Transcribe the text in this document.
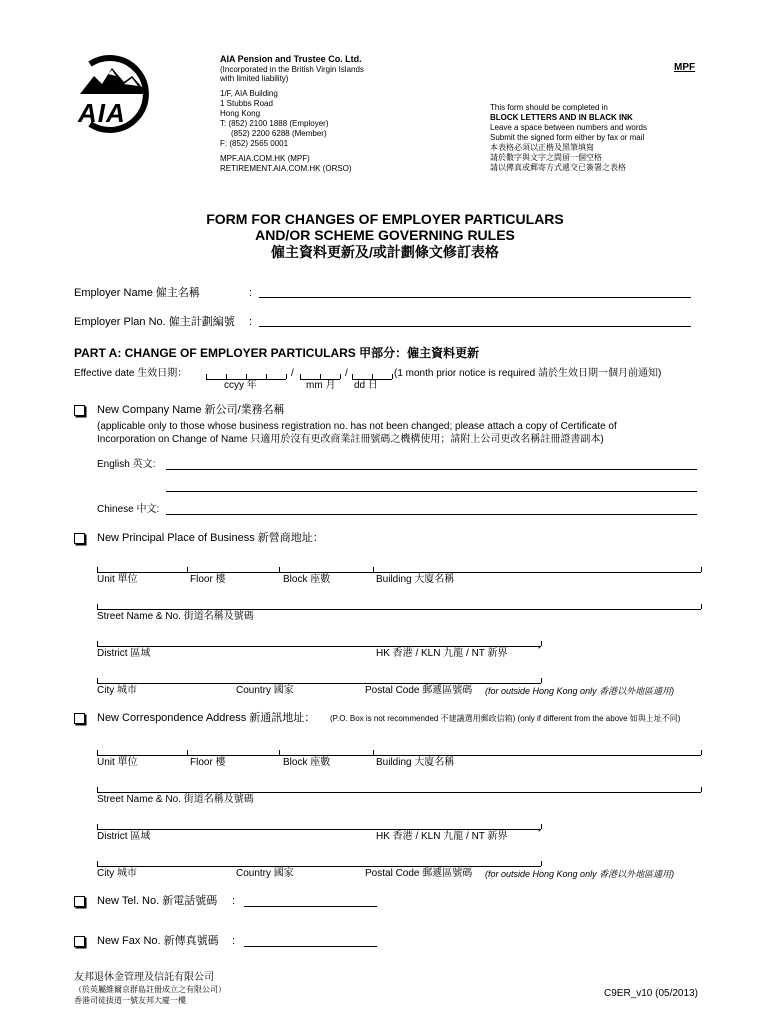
AIA
AIA Pension and Trustee Co. Ltd.
(Incorporated in the British Virgin Islands
with limited liability)
1/F, AIA Building
1 Stubbs Road
Hong Kong
T: (852) 2100 1888 (Employer)
(852) 2200 6288 (Member)
F: (852) 2565 0001
MPF.AIA.COM.HK (MPF)
RETIREMENT.AIA.COM.HK (ORSO)
MPF
This form should be completed in
BLOCK LETTERS AND IN BLACK INK
Leave a space between numbers and words
Submit the signed form either by fax or mail
本表格必須以正楷及黑筆填寫
請於數字與文字之間留一個空格
請以傳真或郵寄方式遞交已簽署之表格
FORM FOR CHANGES OF EMPLOYER PARTICULARS
AND/OR SCHEME GOVERNING RULES
僱主資料更新及/或計劃條文修訂表格
Employer Name 僱主名稱	:
Employer Plan No. 僱主計劃編號 :
PART A: CHANGE OF EMPLOYER PARTICULARS 甲部分：僱主資料更新
Effective date 生效日期：	/	/	(1 month prior notice is required 請於生效日期一個月前通知)
ccyy 年	mm 月 dd 日
New Company Name 新公司/業務名稱
(applicable only to those whose business registration no. has not been changed; please attach a copy of Certificate of
Incorporation on Change of Name 只適用於沒有更改商業註冊號碼之機構使用；請附上公司更改名稱註冊證書副本)
English 英文:
Chinese 中文:
New Principal Place of Business 新營商地址：
Unit 單位	Floor 樓	Block 座數	Building 大廈名稱
Street Name & No. 街道名稱及號碼
District 區域	HK 香港 / KLN 九龍 / NT 新界	*
City 城市	Country 國家	Postal Code 郵遞區號碼 (for outside Hong Kong only 香港以外地區適用)
New Correspondence Address 新通訊地址： (P.O. Box is not recommended 不建議選用郵政信箱) (only if different from the above 如與上址不同)
Unit 單位	Floor 樓	Block 座數	Building 大廈名稱
Street Name & No. 街道名稱及號碼
District 區域	HK 香港 / KLN 九龍 / NT 新界	*
City 城市	Country 國家	Postal Code 郵遞區號碼 (for outside Hong Kong only 香港以外地區適用)
New Tel. No. 新電話號碼 :
New Fax No. 新傳真號碼 :
友邦退休金管理及信託有限公司
（於英屬維爾京群島註冊成立之有限公司）
香港司徒拔道一號友邦大廈一樓
C9ER_v10 (05/2013)
